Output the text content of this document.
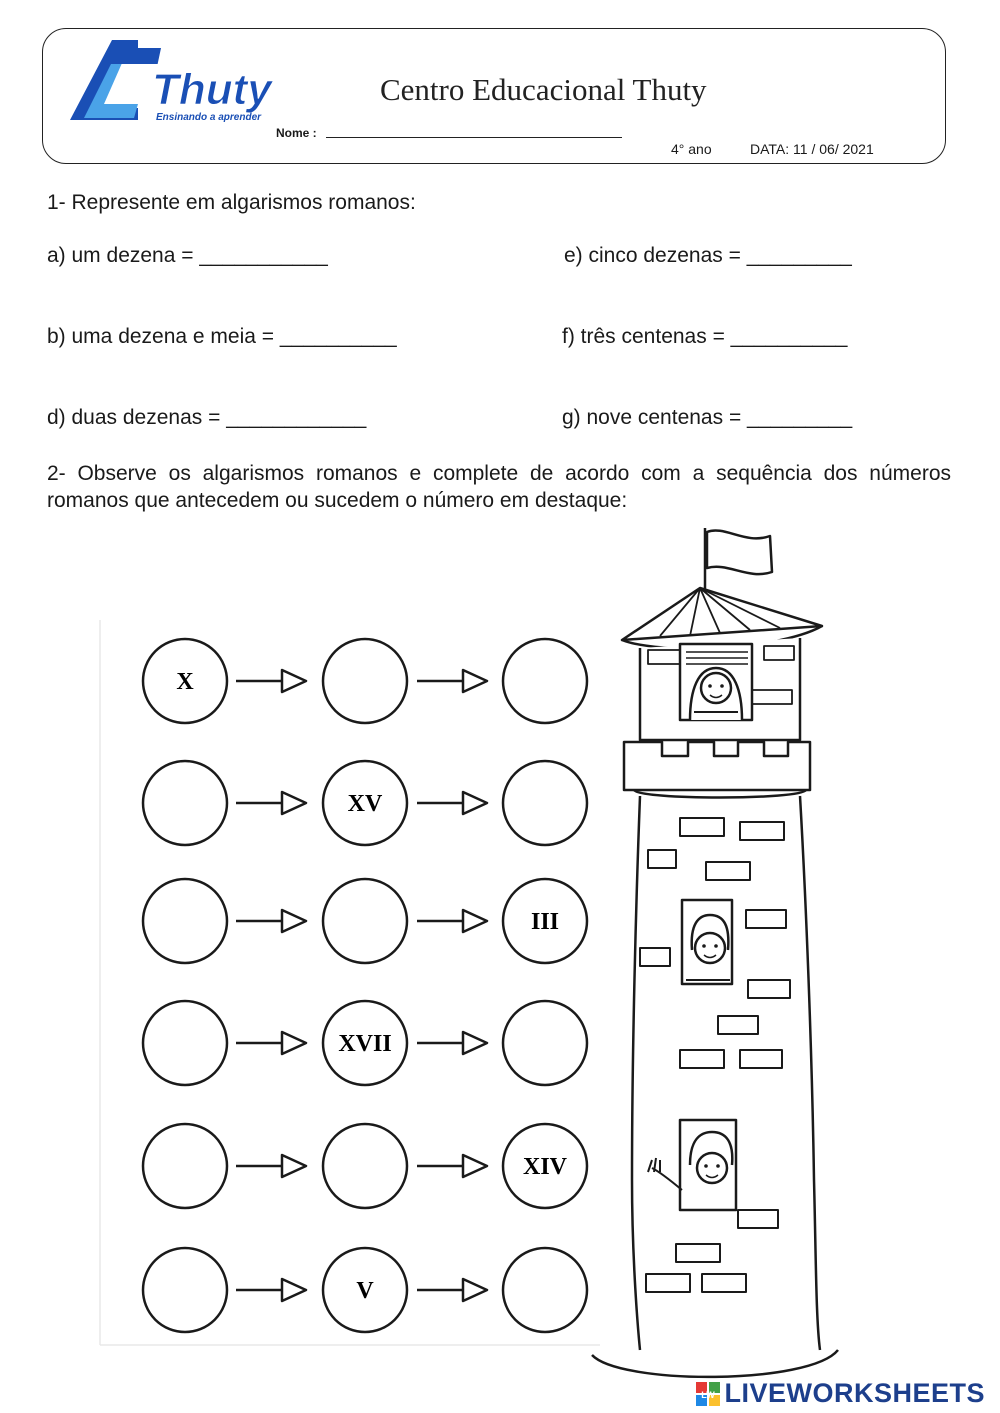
Thuty
Ensinando a aprender
Centro Educacional Thuty
Nome :
4° ano	DATA: 11 / 06/ 2021
1- Represente em algarismos romanos:
a) um dezena = ___________	e) cinco dezenas = _________
b) uma dezena e meia = __________	f) três centenas = __________
d) duas dezenas = ____________	g) nove centenas = _________
2- Observe os algarismos romanos e complete de acordo com a sequência dos números romanos que antecedem ou sucedem o número em destaque:
X
XV
III
XVII
XIV
V
LW LIVEWORKSHEETS
